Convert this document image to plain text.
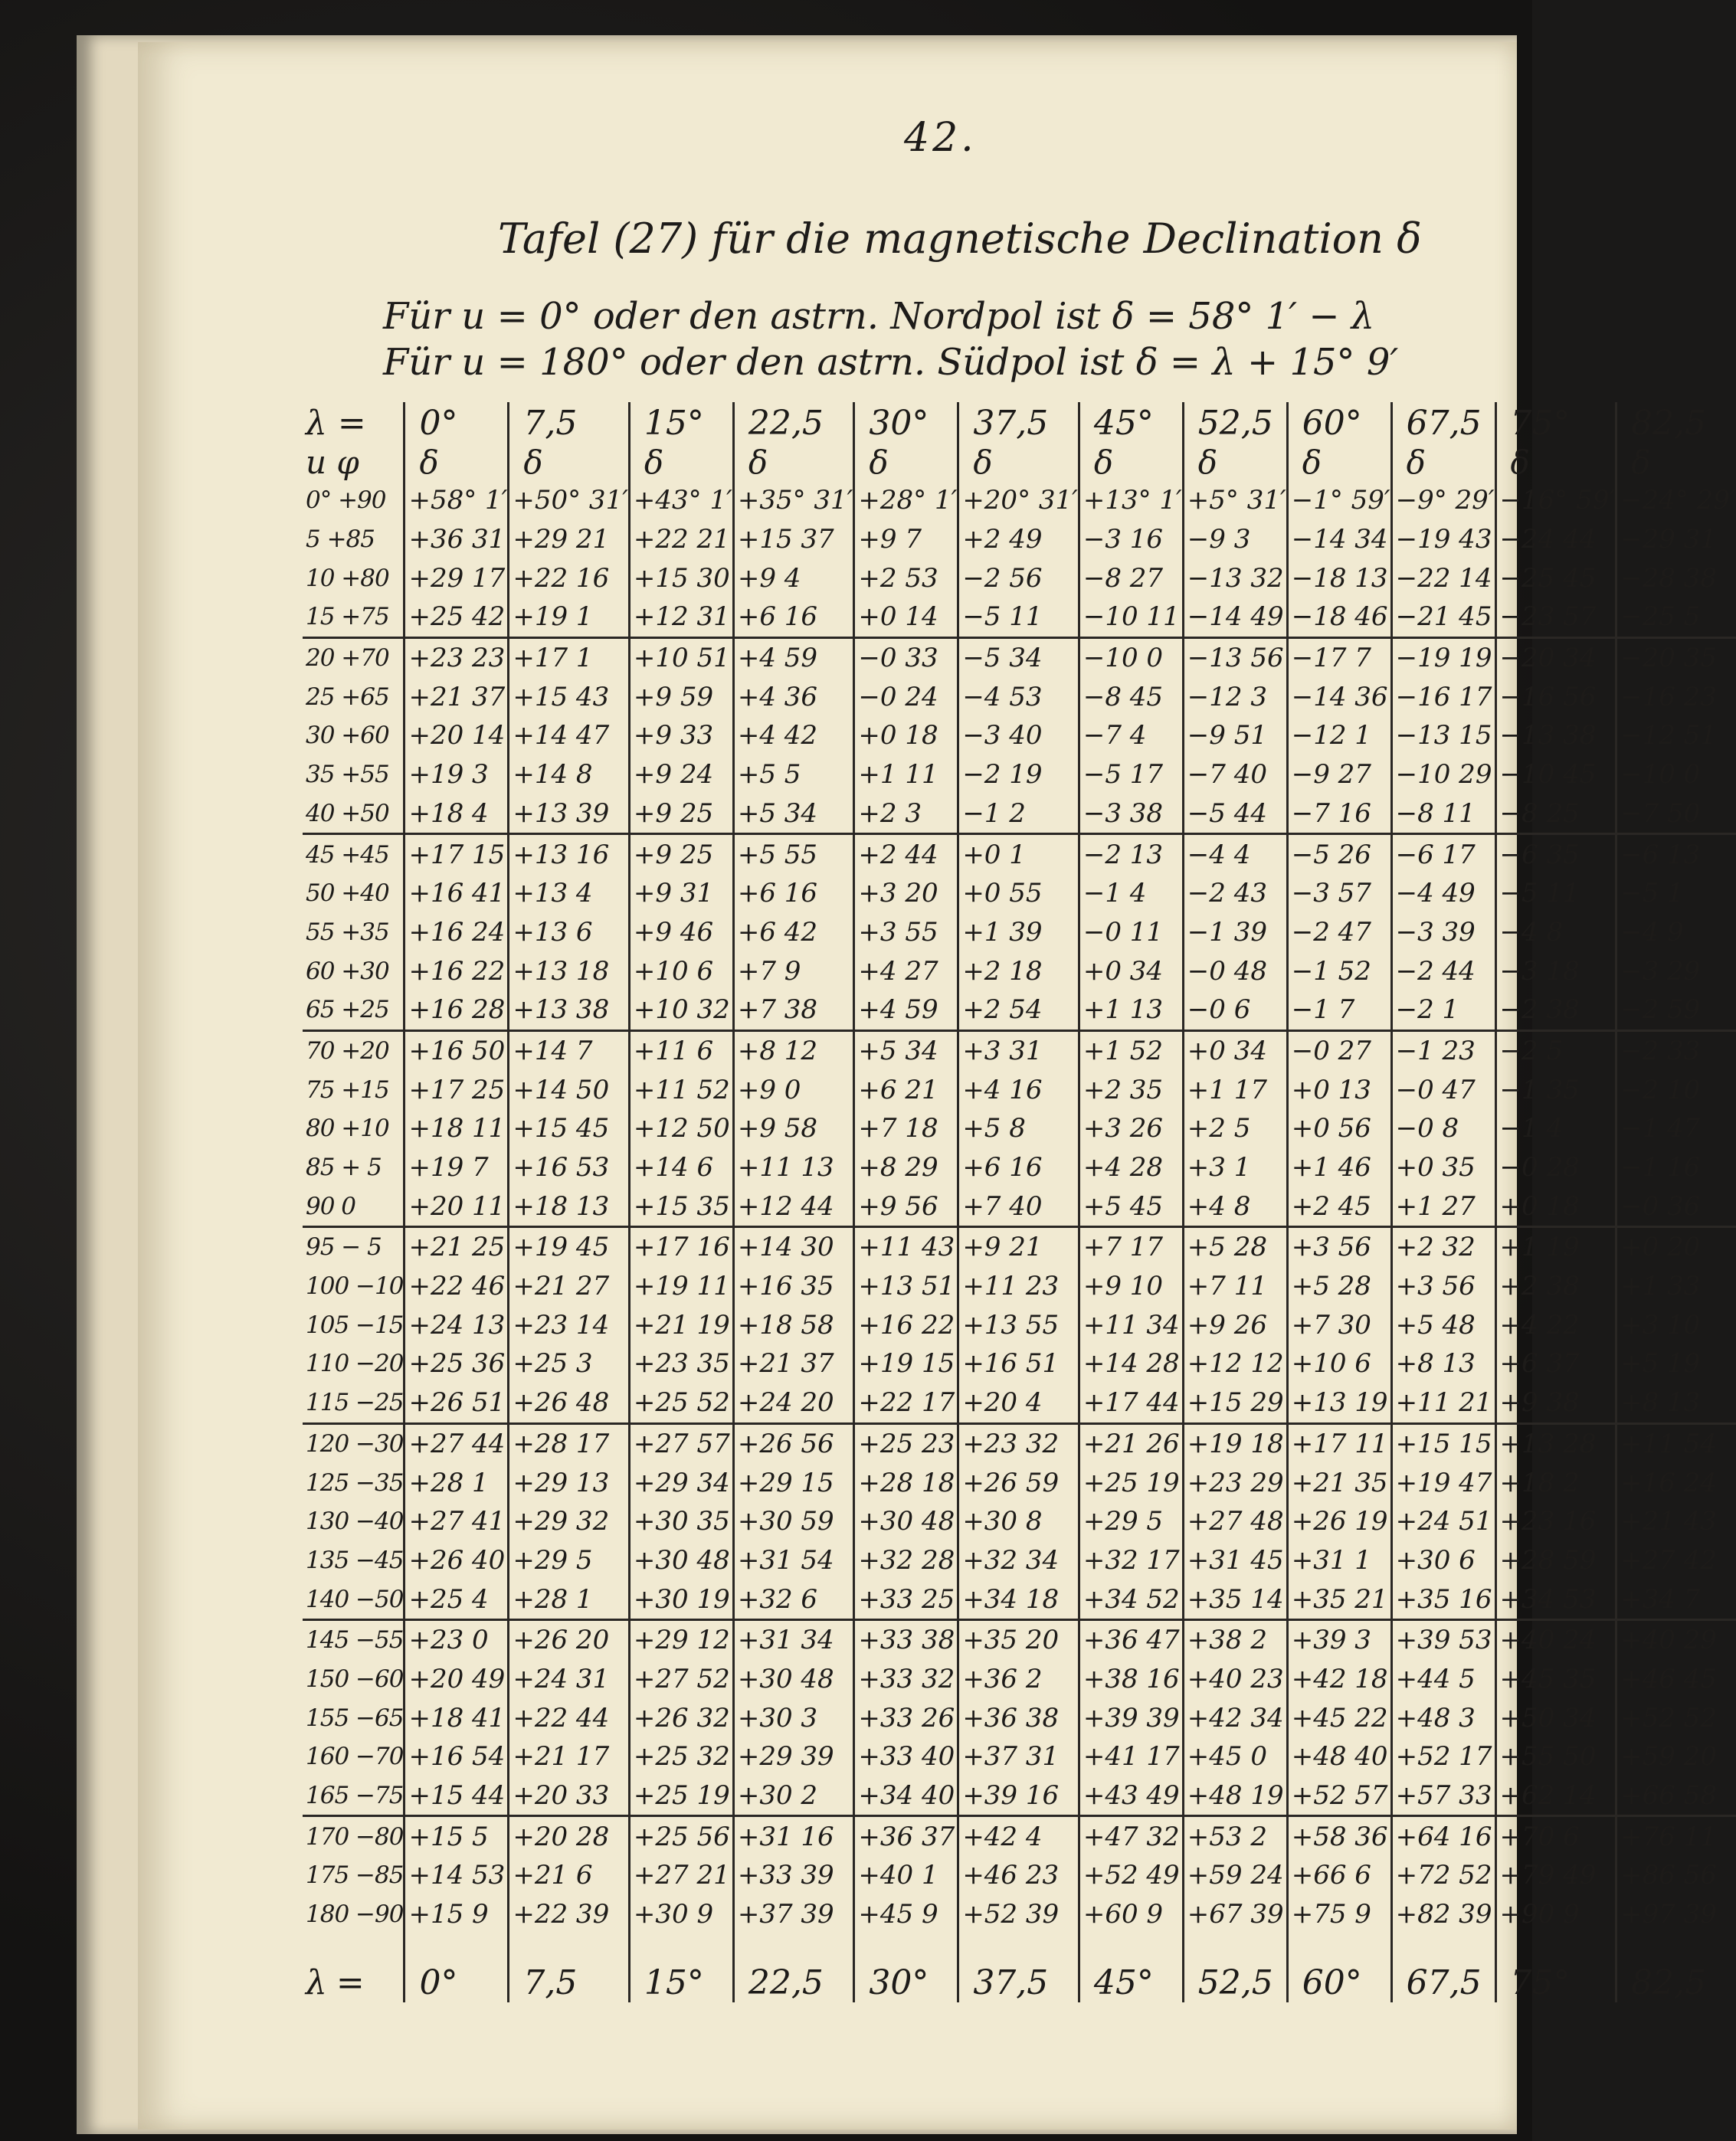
42.
Tafel (27) für die magnetische Declination δ
Für u = 0° oder den astrn. Nordpol ist δ = 58° 1′ − λ
Für u = 180° oder den astrn. Südpol ist δ = λ + 15° 9′
λ =	0°	7,5	15°	22,5	30°	37,5	45°	52,5	60°	67,5	75°	82,5
u φ	δ	δ	δ	δ	δ	δ	δ	δ	δ	δ	δ	δ
0° +90	+58° 1′	+50° 31′	+43° 1′	+35° 31′	+28° 1′	+20° 31′	+13° 1′	+5° 31′	−1° 59′	−9° 29′	−16° 59′	−24° 29′
5 +85	+36 31	+29 21	+22 21	+15 37	+9 7	+2 49	−3 16	−9 3	−14 34	−19 43	−24 44	−29 31
10 +80	+29 17	+22 16	+15 30	+9 4	+2 53	−2 56	−8 27	−13 32	−18 13	−22 14	−25 45	−28 38
15 +75	+25 42	+19 1	+12 31	+6 16	+0 14	−5 11	−10 11	−14 49	−18 46	−21 45	−23 57	−25 5
20 +70	+23 23	+17 1	+10 51	+4 59	−0 33	−5 34	−10 0	−13 56	−17 7	−19 19	−20 34	−20 35
25 +65	+21 37	+15 43	+9 59	+4 36	−0 24	−4 53	−8 45	−12 3	−14 36	−16 17	−16 56	−16 23
30 +60	+20 14	+14 47	+9 33	+4 42	+0 18	−3 40	−7 4	−9 51	−12 1	−13 15	−13 38	−12 51
35 +55	+19 3	+14 8	+9 24	+5 5	+1 11	−2 19	−5 17	−7 40	−9 27	−10 29	−10 45	−10 0
40 +50	+18 4	+13 39	+9 25	+5 34	+2 3	−1 2	−3 38	−5 44	−7 16	−8 11	−8 25	−7 50
45 +45	+17 15	+13 16	+9 25	+5 55	+2 44	+0 1	−2 13	−4 4	−5 26	−6 17	−6 35	−6 13
50 +40	+16 41	+13 4	+9 31	+6 16	+3 20	+0 55	−1 4	−2 43	−3 57	−4 49	−5 11	−5 1
55 +35	+16 24	+13 6	+9 46	+6 42	+3 55	+1 39	−0 11	−1 39	−2 47	−3 39	−4 8	−4 9
60 +30	+16 22	+13 18	+10 6	+7 9	+4 27	+2 18	+0 34	−0 48	−1 52	−2 44	−3 18	−3 29
65 +25	+16 28	+13 38	+10 32	+7 38	+4 59	+2 54	+1 13	−0 6	−1 7	−2 1	−2 38	−2 59
70 +20	+16 50	+14 7	+11 6	+8 12	+5 34	+3 31	+1 52	+0 34	−0 27	−1 23	−2 5	−2 33
75 +15	+17 25	+14 50	+11 52	+9 0	+6 21	+4 16	+2 35	+1 17	+0 13	−0 47	−1 35	−2 10
80 +10	+18 11	+15 45	+12 50	+9 58	+7 18	+5 8	+3 26	+2 5	+0 56	−0 8	−1 4	−1 47
85 + 5	+19 7	+16 53	+14 6	+11 13	+8 29	+6 16	+4 28	+3 1	+1 46	+0 35	−0 28	−1 16
90 0	+20 11	+18 13	+15 35	+12 44	+9 56	+7 40	+5 45	+4 8	+2 45	+1 27	+0 18	−0 36
95 − 5	+21 25	+19 45	+17 16	+14 30	+11 43	+9 21	+7 17	+5 28	+3 56	+2 32	+1 19	+0 20
100 −10	+22 46	+21 27	+19 11	+16 35	+13 51	+11 23	+9 10	+7 11	+5 28	+3 56	+2 38	+1 33
105 −15	+24 13	+23 14	+21 19	+18 58	+16 22	+13 55	+11 34	+9 26	+7 30	+5 48	+4 22	+3 10
110 −20	+25 36	+25 3	+23 35	+21 37	+19 15	+16 51	+14 28	+12 12	+10 6	+8 13	+6 37	+5 19
115 −25	+26 51	+26 48	+25 52	+24 20	+22 17	+20 4	+17 44	+15 29	+13 19	+11 21	+9 38	+8 13
120 −30	+27 44	+28 17	+27 57	+26 56	+25 23	+23 32	+21 26	+19 18	+17 11	+15 15	+13 28	+11 54
125 −35	+28 1	+29 13	+29 34	+29 15	+28 18	+26 59	+25 19	+23 29	+21 35	+19 47	+18 2	+16 24
130 −40	+27 41	+29 32	+30 35	+30 59	+30 48	+30 8	+29 5	+27 48	+26 19	+24 51	+23 16	+21 43
135 −45	+26 40	+29 5	+30 48	+31 54	+32 28	+32 34	+32 17	+31 45	+31 1	+30 6	+28 59	+27 42
140 −50	+25 4	+28 1	+30 19	+32 6	+33 25	+34 18	+34 52	+35 14	+35 21	+35 16	+34 53	+34 7
145 −55	+23 0	+26 20	+29 12	+31 34	+33 38	+35 20	+36 47	+38 2	+39 3	+39 53	+40 24	+40 29
150 −60	+20 49	+24 31	+27 52	+30 48	+33 32	+36 2	+38 16	+40 23	+42 18	+44 5	+45 35	+46 45
155 −65	+18 41	+22 44	+26 32	+30 3	+33 26	+36 38	+39 39	+42 34	+45 22	+48 3	+50 34	+52 52
160 −70	+16 54	+21 17	+25 32	+29 39	+33 40	+37 31	+41 17	+45 0	+48 40	+52 17	+55 50	+59 20
165 −75	+15 44	+20 33	+25 19	+30 2	+34 40	+39 16	+43 49	+48 19	+52 57	+57 33	+62 14	+66 58
170 −80	+15 5	+20 28	+25 56	+31 16	+36 37	+42 4	+47 32	+53 2	+58 36	+64 16	+70 6	+76 11
175 −85	+14 53	+21 6	+27 21	+33 39	+40 1	+46 23	+52 49	+59 24	+66 6	+72 52	+79 49	+86 56
180 −90	+15 9	+22 39	+30 9	+37 39	+45 9	+52 39	+60 9	+67 39	+75 9	+82 39	+90 9	+97 39
λ =	0°	7,5	15°	22,5	30°	37,5	45°	52,5	60°	67,5	75°	82,5
